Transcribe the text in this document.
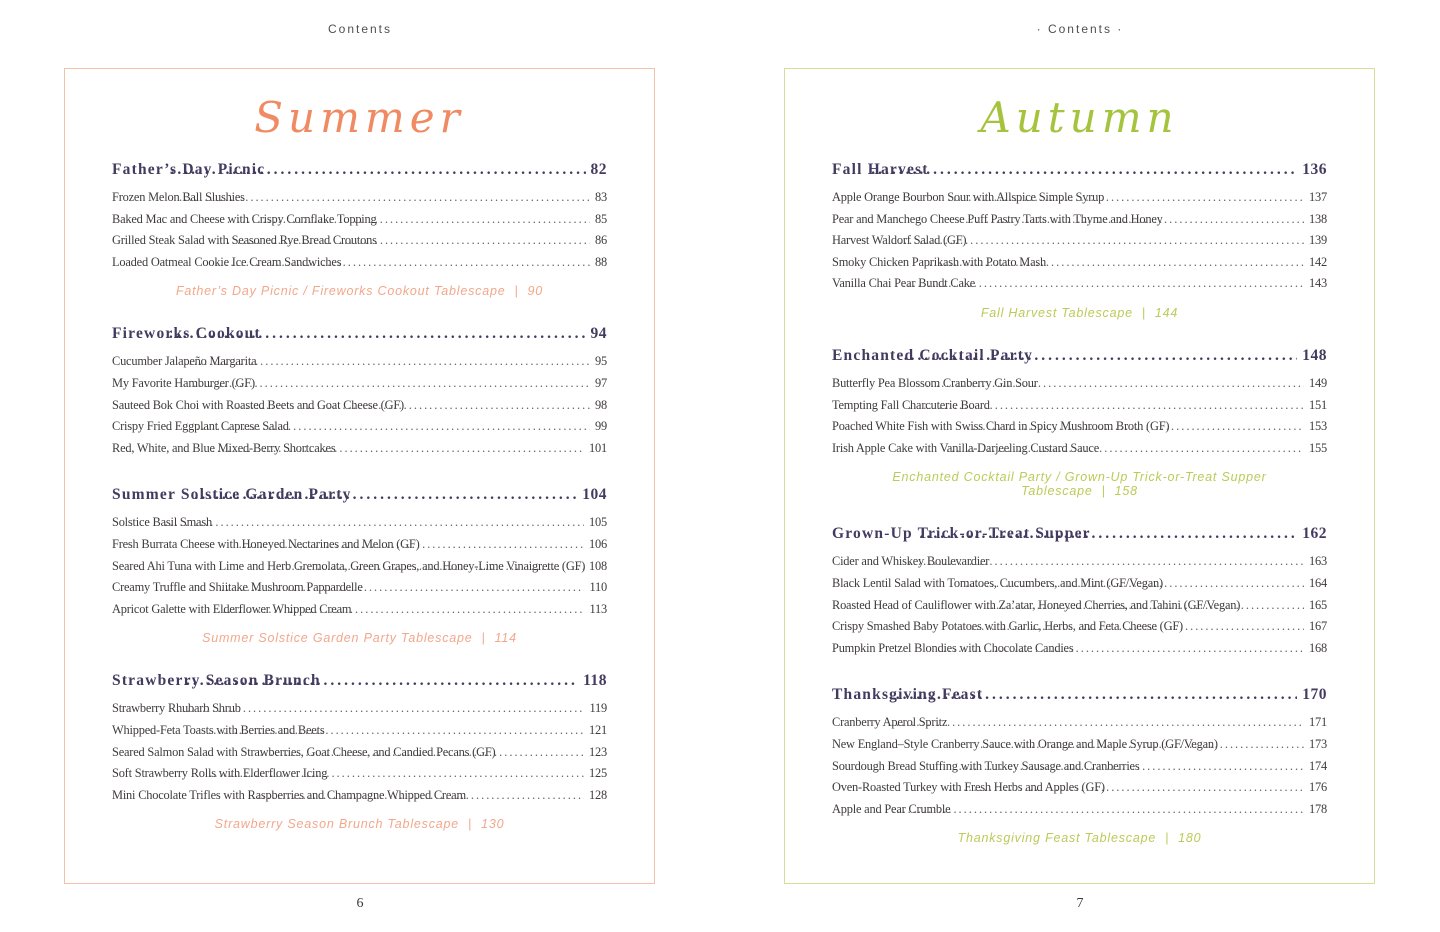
Contents
Summer
Father’s Day Picnic .....	82
Frozen Melon Ball Slushies .....	83
Baked Mac and Cheese with Crispy Cornflake Topping .....	85
Grilled Steak Salad with Seasoned Rye Bread Croutons .....	86
Loaded Oatmeal Cookie Ice Cream Sandwiches .....	88
Father’s Day Picnic / Fireworks Cookout Tablescape | 90
Fireworks Cookout .....	94
Cucumber Jalapeño Margarita .....	95
My Favorite Hamburger (GF) .....	97
Sauteed Bok Choi with Roasted Beets and Goat Cheese (GF) .....	98
Crispy Fried Eggplant Caprese Salad .....	99
Red, White, and Blue Mixed-Berry Shortcakes .....	101
Summer Solstice Garden Party .....	104
Solstice Basil Smash .....	105
Fresh Burrata Cheese with Honeyed Nectarines and Melon (GF) .....	106
Seared Ahi Tuna with Lime and Herb Gremolata, Green Grapes, and Honey-Lime Vinaigrette (GF) ..... 108
Creamy Truffle and Shiitake Mushroom Pappardelle .....	110
Apricot Galette with Elderflower Whipped Cream .....	113
Summer Solstice Garden Party Tablescape | 114
Strawberry Season Brunch .....	118
Strawberry Rhubarb Shrub .....	119
Whipped-Feta Toasts with Berries and Beets .....	121
Seared Salmon Salad with Strawberries, Goat Cheese, and Candied Pecans (GF) .....	123
Soft Strawberry Rolls with Elderflower Icing .....	125
Mini Chocolate Trifles with Raspberries and Champagne Whipped Cream .....	128
Strawberry Season Brunch Tablescape | 130
6
· Contents ·
Autumn
Fall Harvest .....	136
Apple Orange Bourbon Sour with Allspice Simple Syrup .....	137
Pear and Manchego Cheese Puff Pastry Tarts with Thyme and Honey .....	138
Harvest Waldorf Salad (GF) .....	139
Smoky Chicken Paprikash with Potato Mash .....	142
Vanilla Chai Pear Bundt Cake .....	143
Fall Harvest Tablescape | 144
Enchanted Cocktail Party .....	148
Butterfly Pea Blossom Cranberry Gin Sour .....	149
Tempting Fall Charcuterie Board .....	151
Poached White Fish with Swiss Chard in Spicy Mushroom Broth (GF) .....	153
Irish Apple Cake with Vanilla-Darjeeling Custard Sauce .....	155
Enchanted Cocktail Party / Grown-Up Trick-or-Treat Supper Tablescape | 158
Grown-Up Trick-or-Treat Supper .....	162
Cider and Whiskey Boulevardier .....	163
Black Lentil Salad with Tomatoes, Cucumbers, and Mint (GF/Vegan) .....	164
Roasted Head of Cauliflower with Za’atar, Honeyed Cherries, and Tahini (GF/Vegan) .....	165
Crispy Smashed Baby Potatoes with Garlic, Herbs, and Feta Cheese (GF) .....	167
Pumpkin Pretzel Blondies with Chocolate Candies .....	168
Thanksgiving Feast .....	170
Cranberry Aperol Spritz .....	171
New England–Style Cranberry Sauce with Orange and Maple Syrup (GF/Vegan) .....	173
Sourdough Bread Stuffing with Turkey Sausage and Cranberries .....	174
Oven-Roasted Turkey with Fresh Herbs and Apples (GF) .....	176
Apple and Pear Crumble .....	178
Thanksgiving Feast Tablescape | 180
7
